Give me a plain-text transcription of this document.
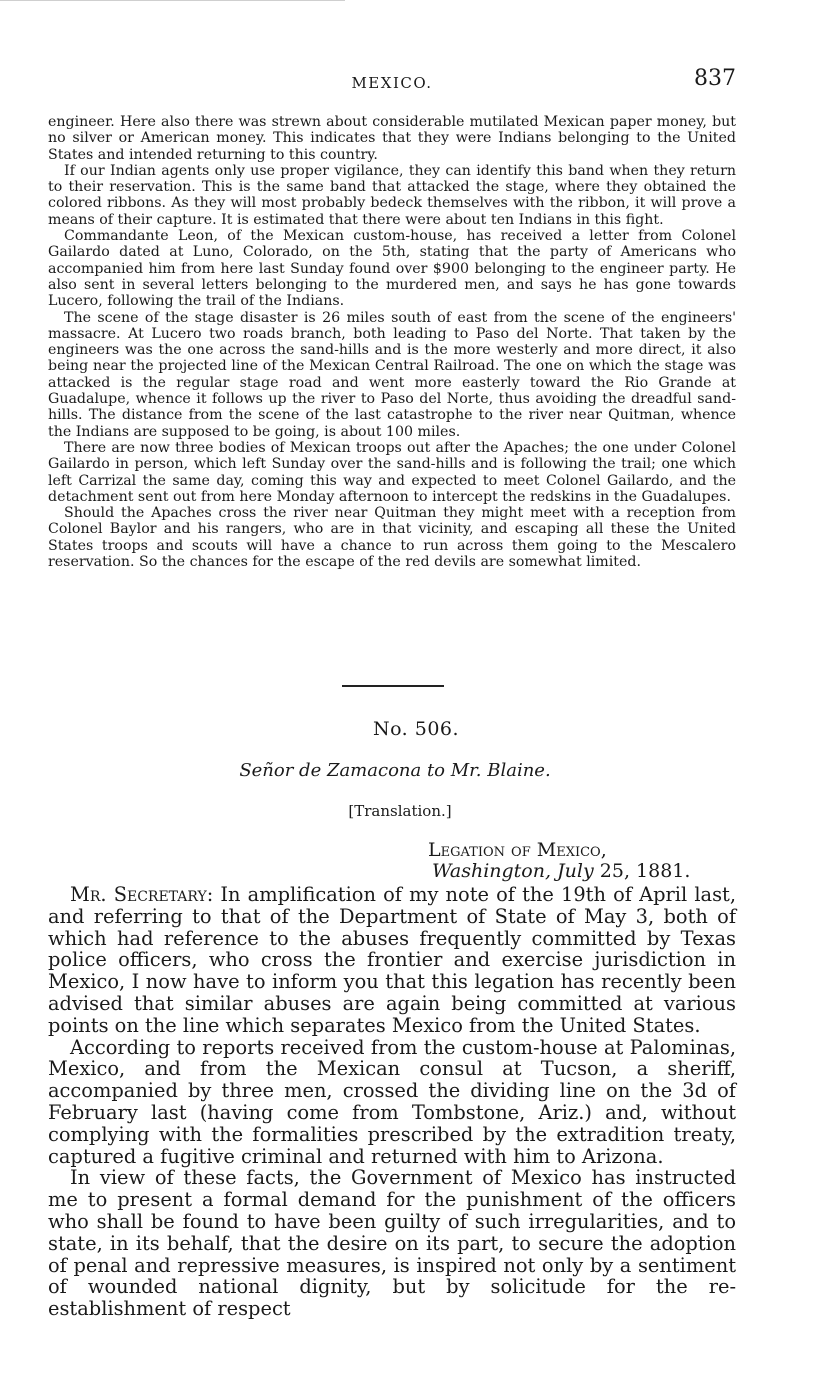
MEXICO.	837

engineer. Here also there was strewn about considerable mutilated Mexican paper money, but no silver or American money. This indicates that they were Indians belonging to the United States and intended returning to this country.

If our Indian agents only use proper vigilance, they can identify this band when they return to their reservation. This is the same band that attacked the stage, where they obtained the colored ribbons. As they will most probably bedeck themselves with the ribbon, it will prove a means of their capture. It is estimated that there were about ten Indians in this fight.

Commandante Leon, of the Mexican custom-house, has received a letter from Colonel Gailardo dated at Luno, Colorado, on the 5th, stating that the party of Americans who accompanied him from here last Sunday found over $900 belonging to the engineer party. He also sent in several letters belonging to the murdered men, and says he has gone towards Lucero, following the trail of the Indians.

The scene of the stage disaster is 26 miles south of east from the scene of the engineers' massacre. At Lucero two roads branch, both leading to Paso del Norte. That taken by the engineers was the one across the sand-hills and is the more westerly and more direct, it also being near the projected line of the Mexican Central Railroad. The one on which the stage was attacked is the regular stage road and went more easterly toward the Rio Grande at Guadalupe, whence it follows up the river to Paso del Norte, thus avoiding the dreadful sand-hills. The distance from the scene of the last catastrophe to the river near Quitman, whence the Indians are supposed to be going, is about 100 miles.

There are now three bodies of Mexican troops out after the Apaches; the one under Colonel Gailardo in person, which left Sunday over the sand-hills and is following the trail; one which left Carrizal the same day, coming this way and expected to meet Colonel Gailardo, and the detachment sent out from here Monday afternoon to intercept the redskins in the Guadalupes.

Should the Apaches cross the river near Quitman they might meet with a reception from Colonel Baylor and his rangers, who are in that vicinity, and escaping all these the United States troops and scouts will have a chance to run across them going to the Mescalero reservation. So the chances for the escape of the red devils are somewhat limited.

No. 506.
Señor de Zamacona to Mr. Blaine.
[Translation.]
Legation of Mexico,
Washington, July 25, 1881.

Mr. Secretary: In amplification of my note of the 19th of April last, and referring to that of the Department of State of May 3, both of which had reference to the abuses frequently committed by Texas police officers, who cross the frontier and exercise jurisdiction in Mexico, I now have to inform you that this legation has recently been advised that similar abuses are again being committed at various points on the line which separates Mexico from the United States.

According to reports received from the custom-house at Palominas, Mexico, and from the Mexican consul at Tucson, a sheriff, accompanied by three men, crossed the dividing line on the 3d of February last (having come from Tombstone, Ariz.) and, without complying with the formalities prescribed by the extradition treaty, captured a fugitive criminal and returned with him to Arizona.

In view of these facts, the Government of Mexico has instructed me to present a formal demand for the punishment of the officers who shall be found to have been guilty of such irregularities, and to state, in its behalf, that the desire on its part, to secure the adoption of penal and repressive measures, is inspired not only by a sentiment of wounded national dignity, but by solicitude for the re-establishment of respect
